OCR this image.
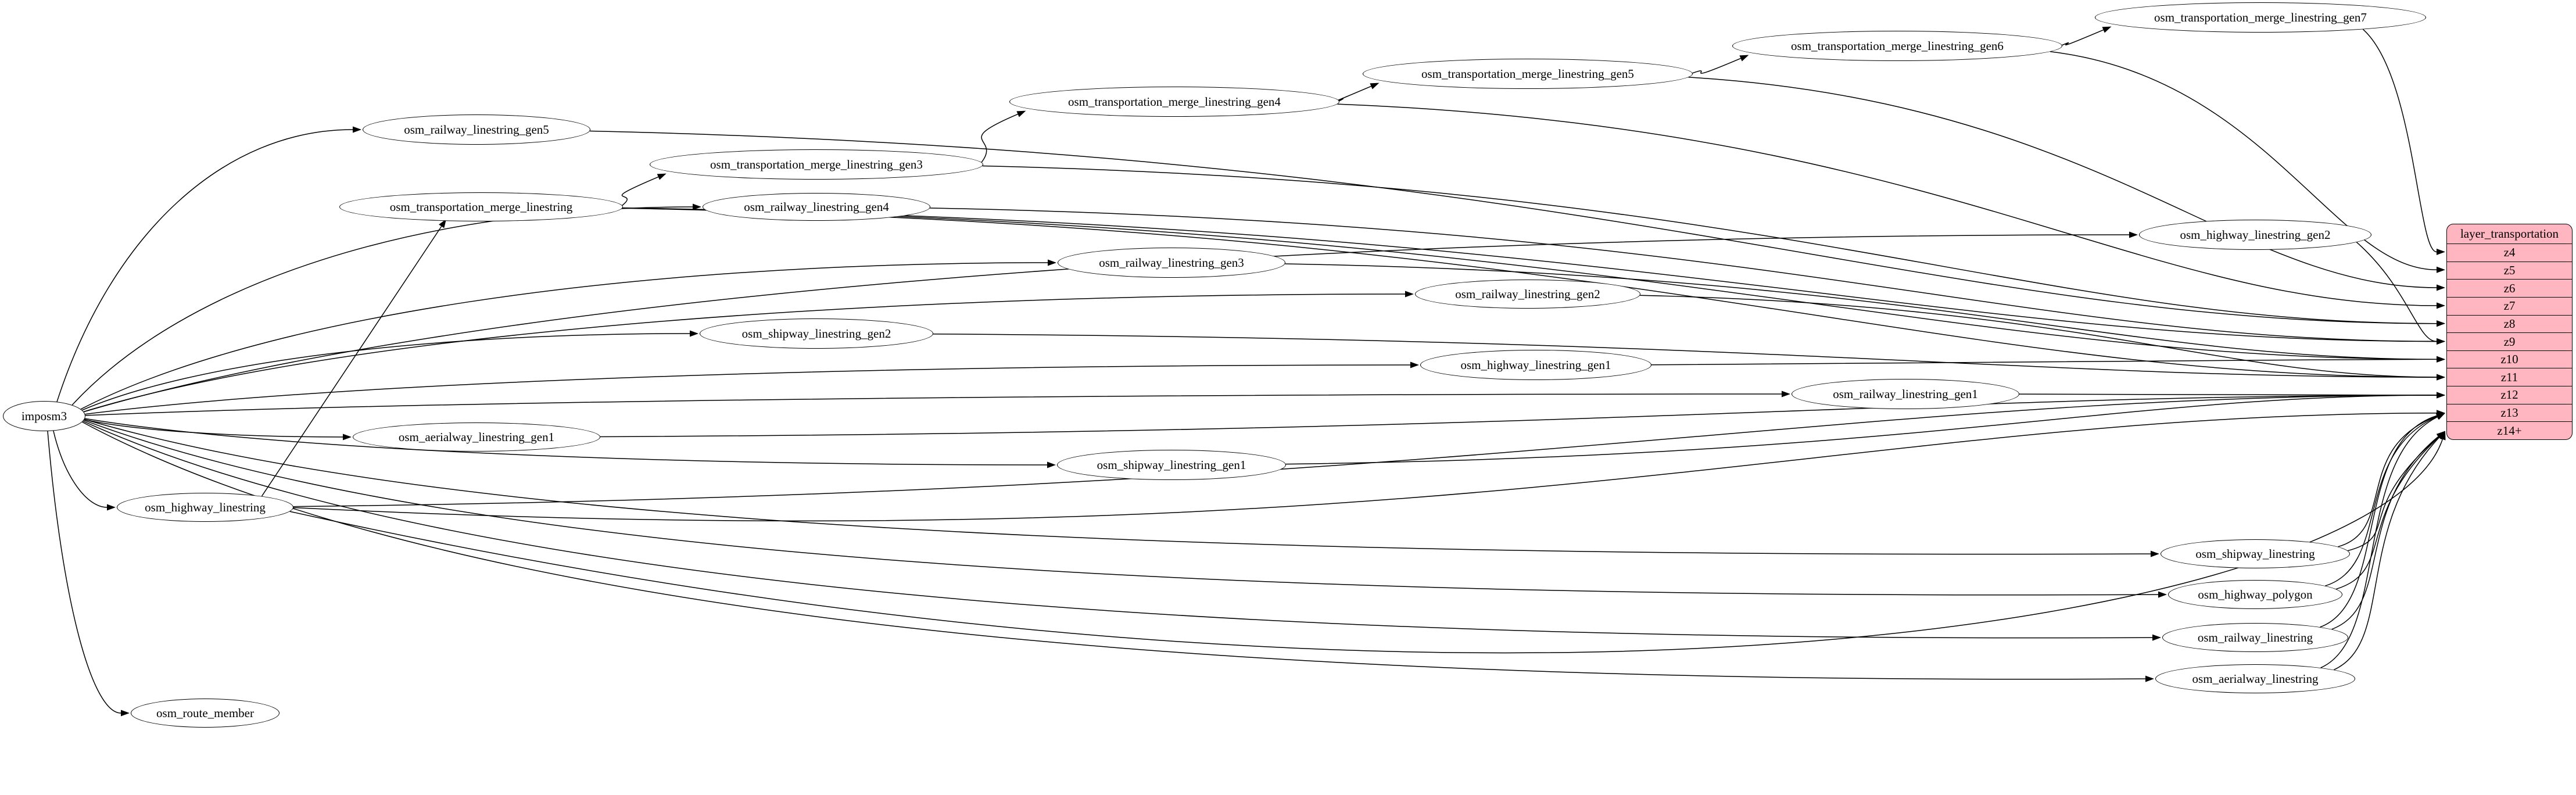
imposm3
osm_highway_linestring
osm_route_member
osm_railway_linestring_gen5
osm_transportation_merge_linestring
osm_transportation_merge_linestring_gen3
osm_railway_linestring_gen4
osm_transportation_merge_linestring_gen4
osm_transportation_merge_linestring_gen5
osm_transportation_merge_linestring_gen6
osm_transportation_merge_linestring_gen7
osm_highway_linestring_gen2
osm_railway_linestring_gen3
osm_railway_linestring_gen2
osm_shipway_linestring_gen2
osm_highway_linestring_gen1
osm_railway_linestring_gen1
osm_aerialway_linestring_gen1
osm_shipway_linestring_gen1
osm_shipway_linestring
osm_highway_polygon
osm_railway_linestring
osm_aerialway_linestring
layer_transportation
z4
z5
z6
z7
z8
z9
z10
z11
z12
z13
z14+
